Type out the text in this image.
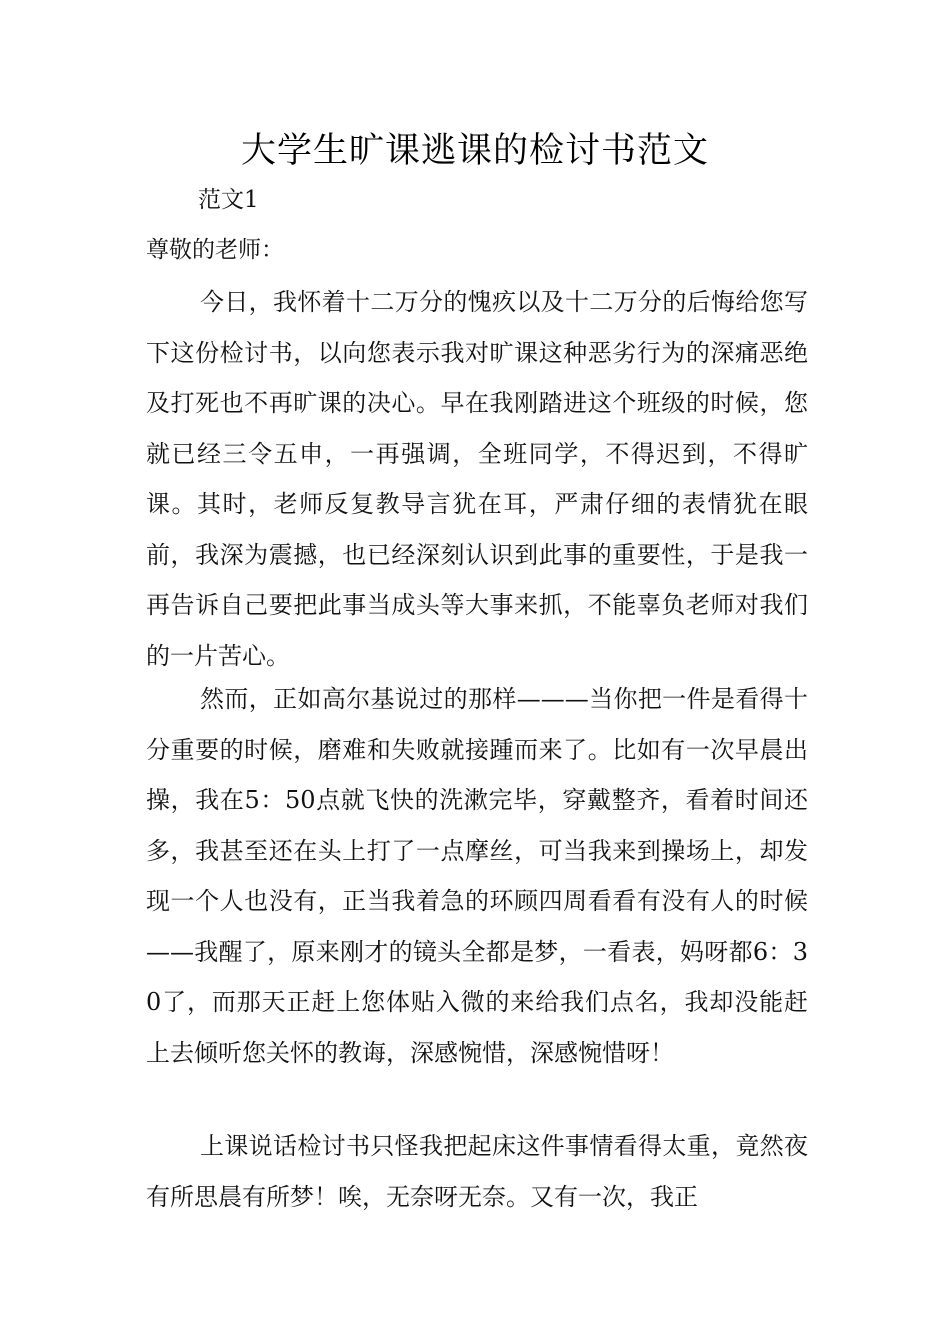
大学生旷课逃课的检讨书范文
范文1
尊敬的老师：

今日，我怀着十二万分的愧疚以及十二万分的后悔给您写下这份检讨书，以向您表示我对旷课这种恶劣行为的深痛恶绝及打死也不再旷课的决心。早在我刚踏进这个班级的时候，您就已经三令五申，一再强调，全班同学，不得迟到，不得旷课。其时，老师反复教导言犹在耳，严肃仔细的表情犹在眼前，我深为震撼，也已经深刻认识到此事的重要性，于是我一再告诉自己要把此事当成头等大事来抓，不能辜负老师对我们的一片苦心。

然而，正如高尔基说过的那样———当你把一件是看得十分重要的时候，磨难和失败就接踵而来了。比如有一次早晨出操，我在5：50点就飞快的洗漱完毕，穿戴整齐，看着时间还多，我甚至还在头上打了一点摩丝，可当我来到操场上，却发现一个人也没有，正当我着急的环顾四周看看有没有人的时候——我醒了，原来刚才的镜头全都是梦，一看表，妈呀都6：30了，而那天正赶上您体贴入微的来给我们点名，我却没能赶上去倾听您关怀的教诲，深感惋惜，深感惋惜呀！

上课说话检讨书只怪我把起床这件事情看得太重，竟然夜有所思晨有所梦！唉，无奈呀无奈。又有一次，我正
